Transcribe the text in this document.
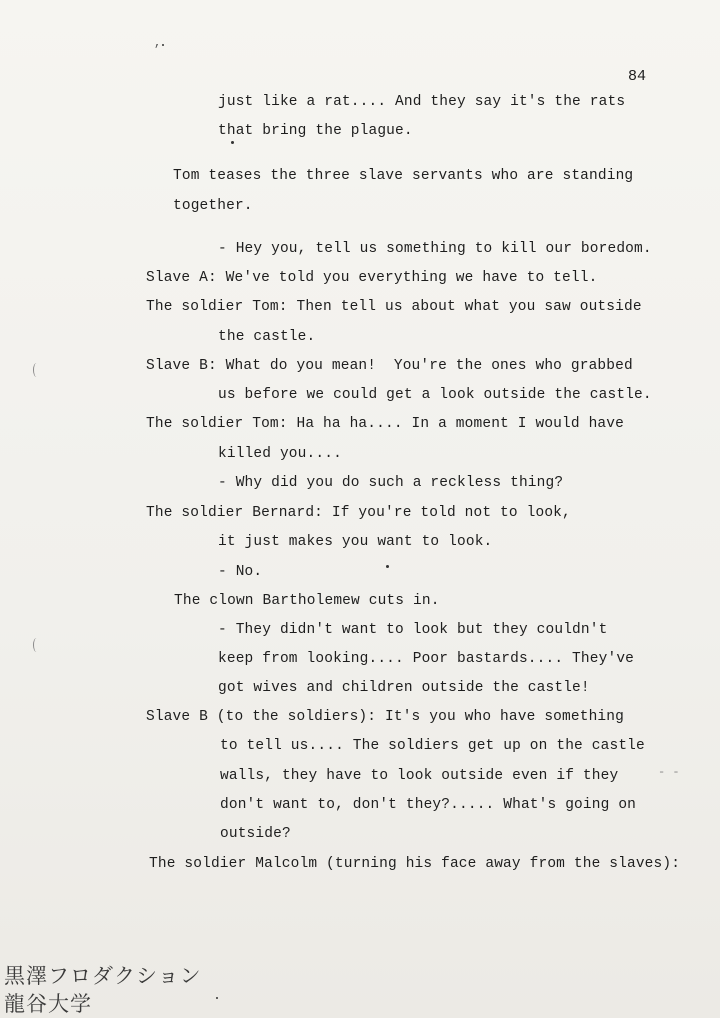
,
84
just like a rat.... And they say it's the rats
that bring the plague.
Tom teases the three slave servants who are standing
together.
- Hey you, tell us something to kill our boredom.
Slave A: We've told you everything we have to tell.
The soldier Tom: Then tell us about what you saw outside
the castle.
Slave B: What do you mean!  You're the ones who grabbed
us before we could get a look outside the castle.
The soldier Tom: Ha ha ha.... In a moment I would have
killed you....
- Why did you do such a reckless thing?
The soldier Bernard: If you're told not to look,
it just makes you want to look.
- No.
The clown Bartholemew cuts in.
- They didn't want to look but they couldn't
keep from looking.... Poor bastards.... They've
got wives and children outside the castle!
Slave B (to the soldiers): It's you who have something
to tell us.... The soldiers get up on the castle
walls, they have to look outside even if they
don't want to, don't they?..... What's going on
outside?
The soldier Malcolm (turning his face away from the slaves):
- -
黒澤フロダクション
龍谷大学
